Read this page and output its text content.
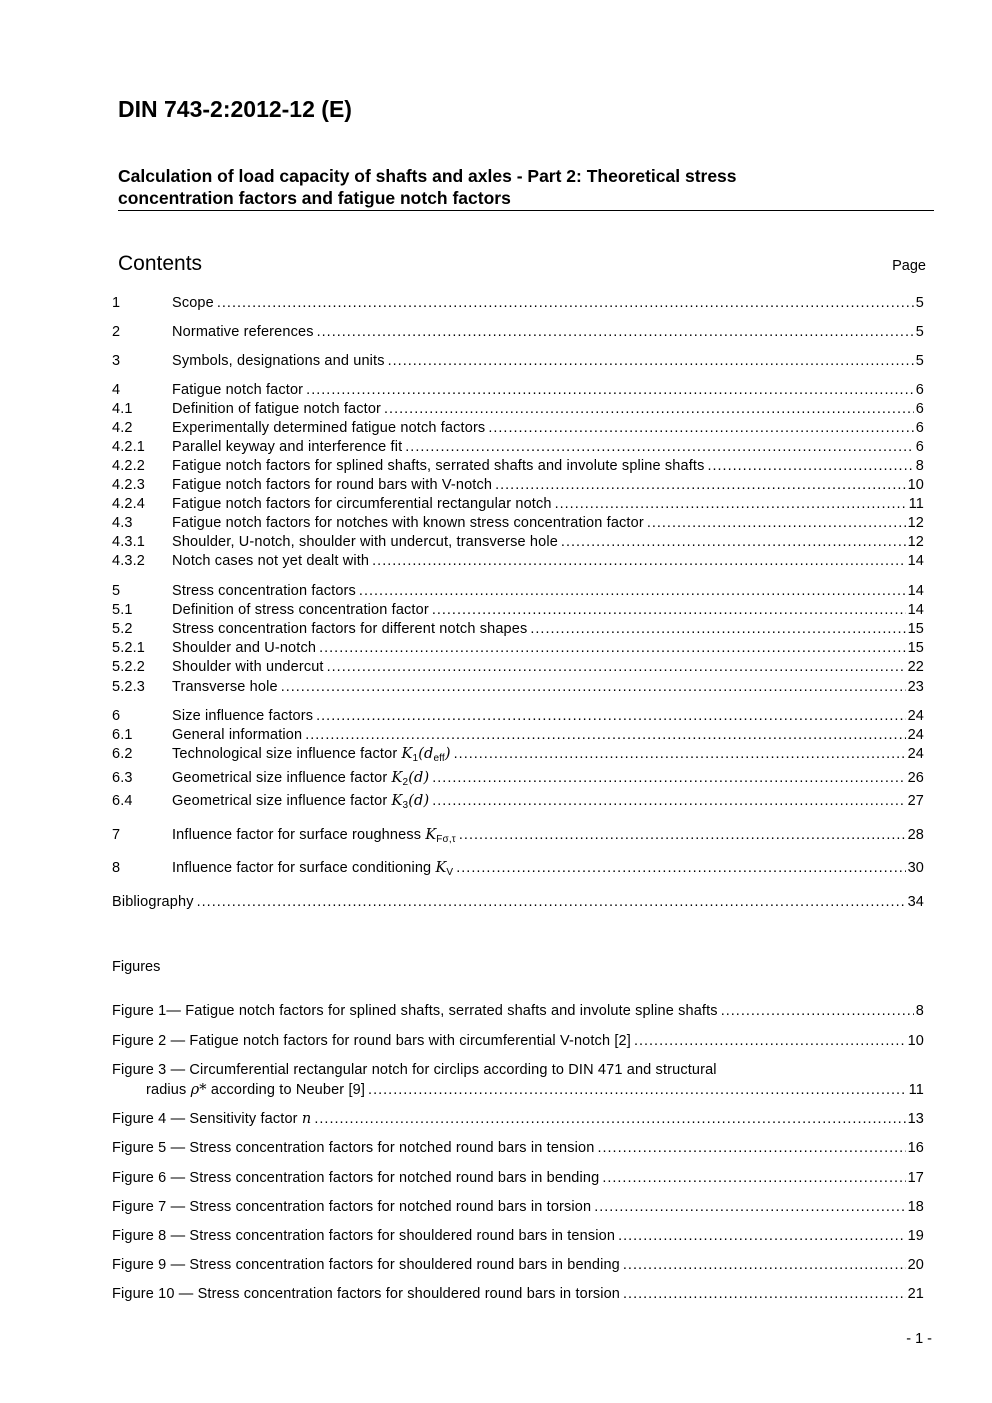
DIN 743-2:2012-12 (E)
Calculation of load capacity of shafts and axles - Part 2: Theoretical stress
concentration factors and fatigue notch factors
Contents	Page
1	Scope .....	5
2	Normative references .....	5
3	Symbols, designations and units .....	5
4	Fatigue notch factor .....	6
4.1	Definition of fatigue notch factor .....	6
4.2	Experimentally determined fatigue notch factors .....	6
4.2.1	Parallel keyway and interference fit .....	6
4.2.2	Fatigue notch factors for splined shafts, serrated shafts and involute spline shafts .....	8
4.2.3	Fatigue notch factors for round bars with V-notch .....	10
4.2.4	Fatigue notch factors for circumferential rectangular notch .....	11
4.3	Fatigue notch factors for notches with known stress concentration factor .....	12
4.3.1	Shoulder, U-notch, shoulder with undercut, transverse hole .....	12
4.3.2	Notch cases not yet dealt with .....	14
5	Stress concentration factors .....	14
5.1	Definition of stress concentration factor .....	14
5.2	Stress concentration factors for different notch shapes .....	15
5.2.1	Shoulder and U-notch .....	15
5.2.2	Shoulder with undercut .....	22
5.2.3	Transverse hole .....	23
6	Size influence factors .....	24
6.1	General information .....	24
6.2	Technological size influence factor $K_1(d_{eff})$ .....	24
6.3	Geometrical size influence factor $K_2(d)$ .....	26
6.4	Geometrical size influence factor $K_3(d)$ .....	27
7	Influence factor for surface roughness $K_{F\sigma,\tau}$ .....	28
8	Influence factor for surface conditioning $K_V$ .....	30
Bibliography .....	34
Figures
Figure 1— Fatigue notch factors for splined shafts, serrated shafts and involute spline shafts .....	8
Figure 2 — Fatigue notch factors for round bars with circumferential V-notch [2] .....	10
Figure 3 — Circumferential rectangular notch for circlips according to DIN 471 and structural
radius ρ* according to Neuber [9] .....	11
Figure 4 — Sensitivity factor n .....	13
Figure 5 — Stress concentration factors for notched round bars in tension .....	16
Figure 6 — Stress concentration factors for notched round bars in bending .....	17
Figure 7 — Stress concentration factors for notched round bars in torsion .....	18
Figure 8 — Stress concentration factors for shouldered round bars in tension .....	19
Figure 9 — Stress concentration factors for shouldered round bars in bending .....	20
Figure 10 — Stress concentration factors for shouldered round bars in torsion .....	21
- 1 -
